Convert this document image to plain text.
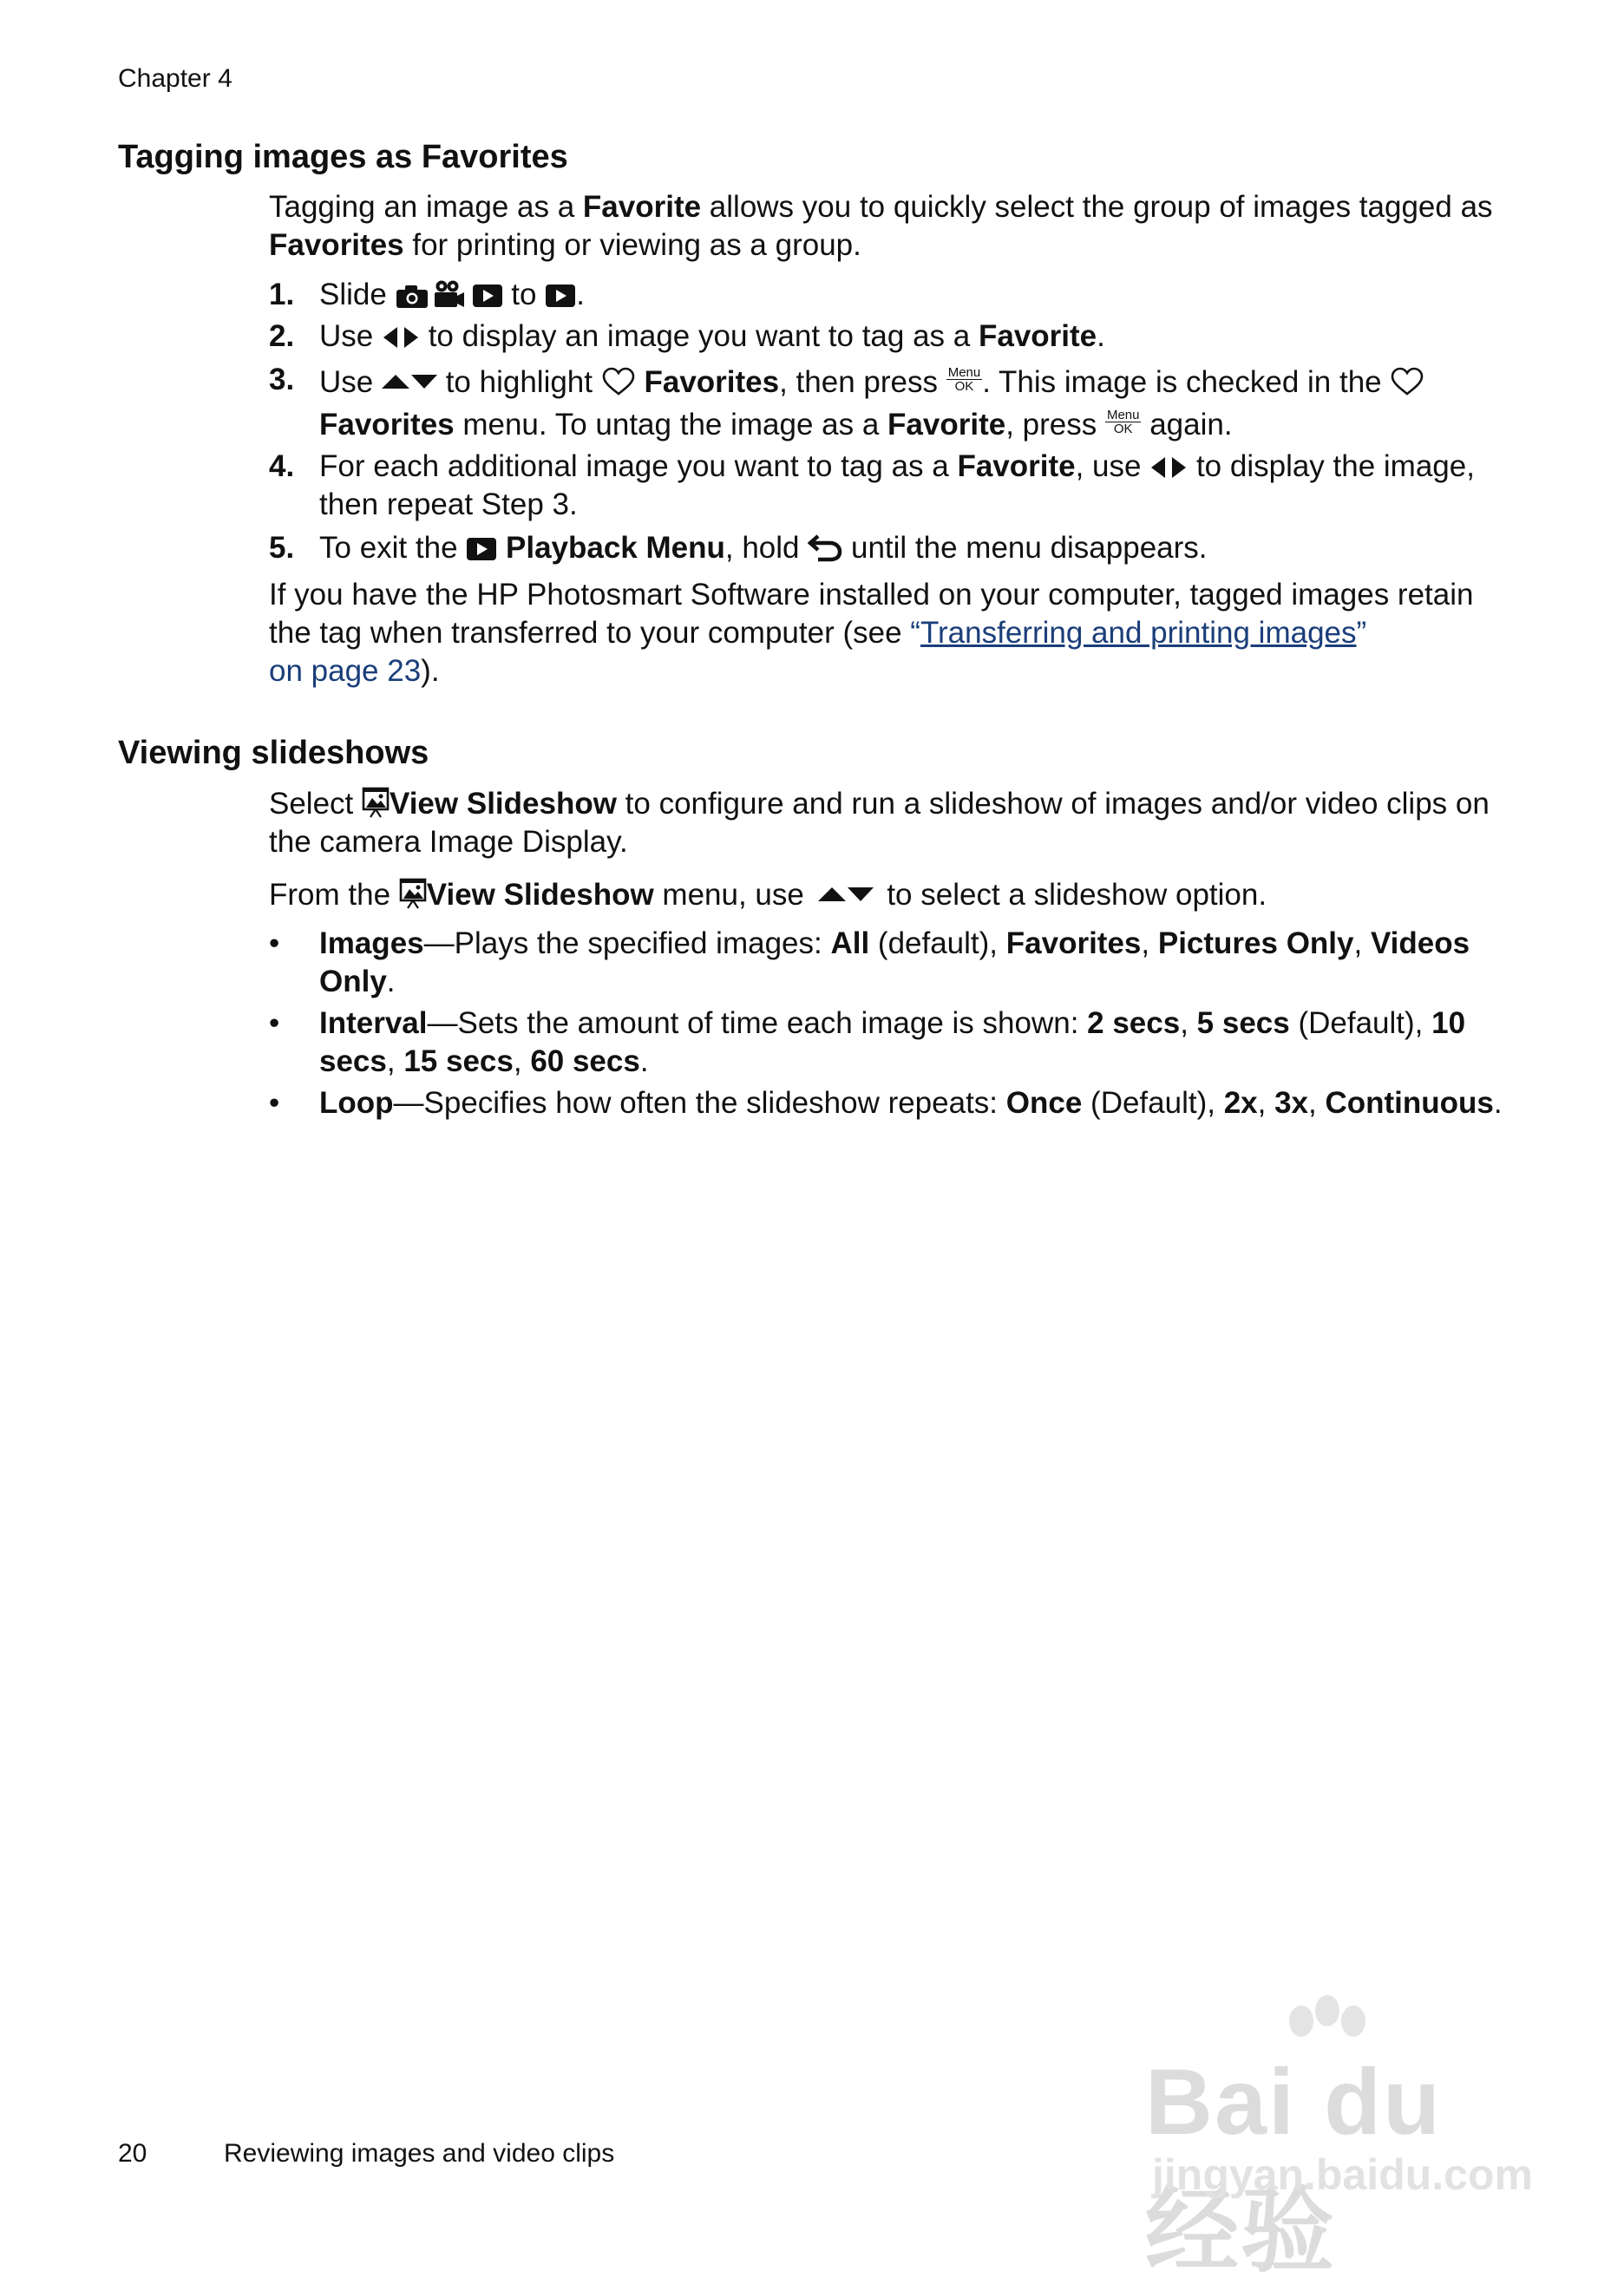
Chapter 4
Tagging images as Favorites

Tagging an image as a Favorite allows you to quickly select the group of images tagged as Favorites for printing or viewing as a group.

1. Slide	to
.
2. Use
to display an image you want to tag as a Favorite.
3. Use
to highlight
Favorites, then press Menu
OK . This image is checked in the
Favorites menu. To untag the image as a Favorite, press Menu
OK again.
4. For each additional image you want to tag as a Favorite, use
to display the image, then repeat Step 3.
5. To exit the
Playback Menu, hold
until the menu disappears.

If you have the HP Photosmart Software installed on your computer, tagged images retain the tag when transferred to your computer (see “Transferring and printing images”
on page 23).

Viewing slideshows

Select
View Slideshow to configure and run a slideshow of images and/or video clips on the camera Image Display.

From the
View Slideshow menu, use
to select a slideshow option.

• Images—Plays the specified images: All (default), Favorites, Pictures Only, Videos Only.
• Interval—Sets the amount of time each image is shown: 2 secs, 5 secs (Default), 10 secs, 15 secs, 60 secs.
• Loop—Specifies how often the slideshow repeats: Once (Default), 2x, 3x, Continuous.
Bai du 经验
jingyan.baidu.com
20	Reviewing images and video clips
